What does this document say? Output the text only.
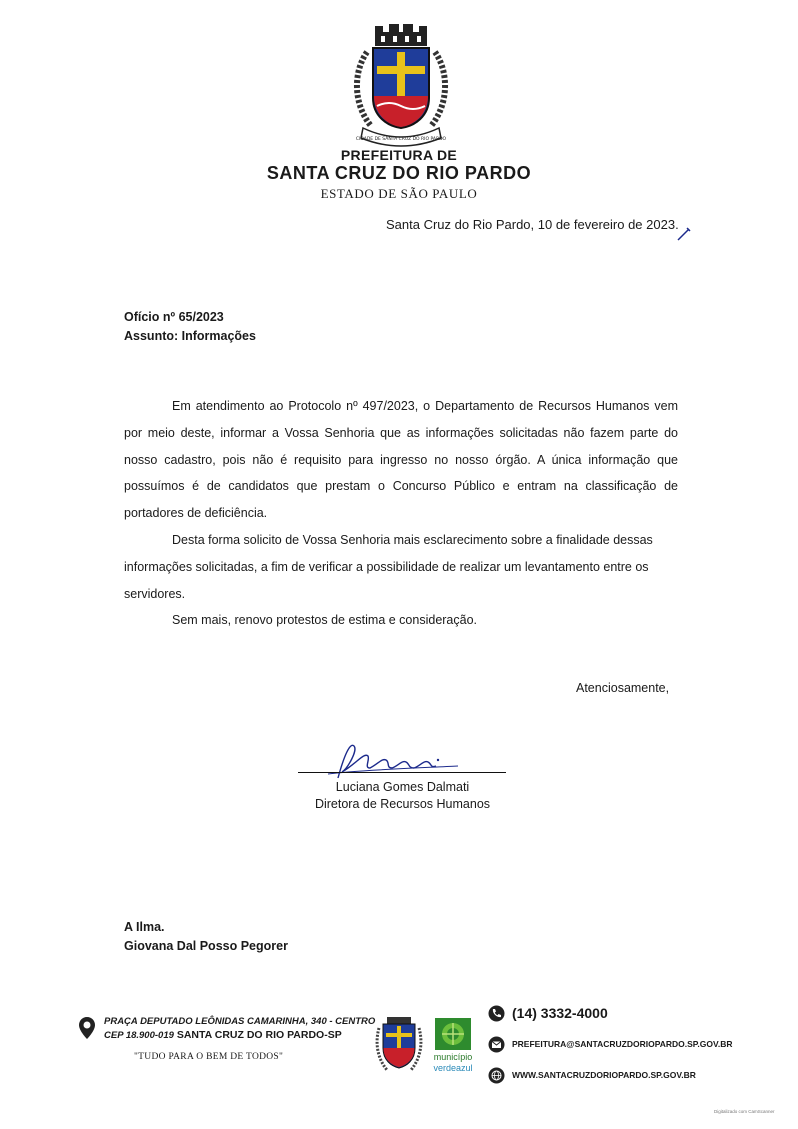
CIDADE DE SANTA CRUZ DO RIO PARDO
PREFEITURA DE
SANTA CRUZ DO RIO PARDO
ESTADO DE SÃO PAULO
Santa Cruz do Rio Pardo, 10 de fevereiro de 2023.
Ofício nº 65/2023
Assunto: Informações

Em atendimento ao Protocolo nº 497/2023, o Departamento de Recursos Humanos vem por meio deste, informar a Vossa Senhoria que as informações solicitadas não fazem parte do nosso cadastro, pois não é requisito para ingresso no nosso órgão. A única informação que possuímos é de candidatos que prestam o Concurso Público e entram na classificação de portadores de deficiência.

Desta forma solicito de Vossa Senhoria mais esclarecimento sobre a finalidade dessas informações solicitadas, a fim de verificar a possibilidade de realizar um levantamento entre os servidores.

Sem mais, renovo protestos de estima e consideração.

Atenciosamente,
Luciana Gomes Dalmati
Diretora de Recursos Humanos
A Ilma.
Giovana Dal Posso Pegorer
PRAÇA DEPUTADO LEÔNIDAS CAMARINHA, 340 - CENTRO
CEP 18.900-019 SANTA CRUZ DO RIO PARDO-SP
"TUDO PARA O BEM DE TODOS"	município
verdeazul
(14) 3332-4000
PREFEITURA@SANTACRUZDORIOPARDO.SP.GOV.BR
WWW.SANTACRUZDORIOPARDO.SP.GOV.BR
Digitalizado com CamScanner
